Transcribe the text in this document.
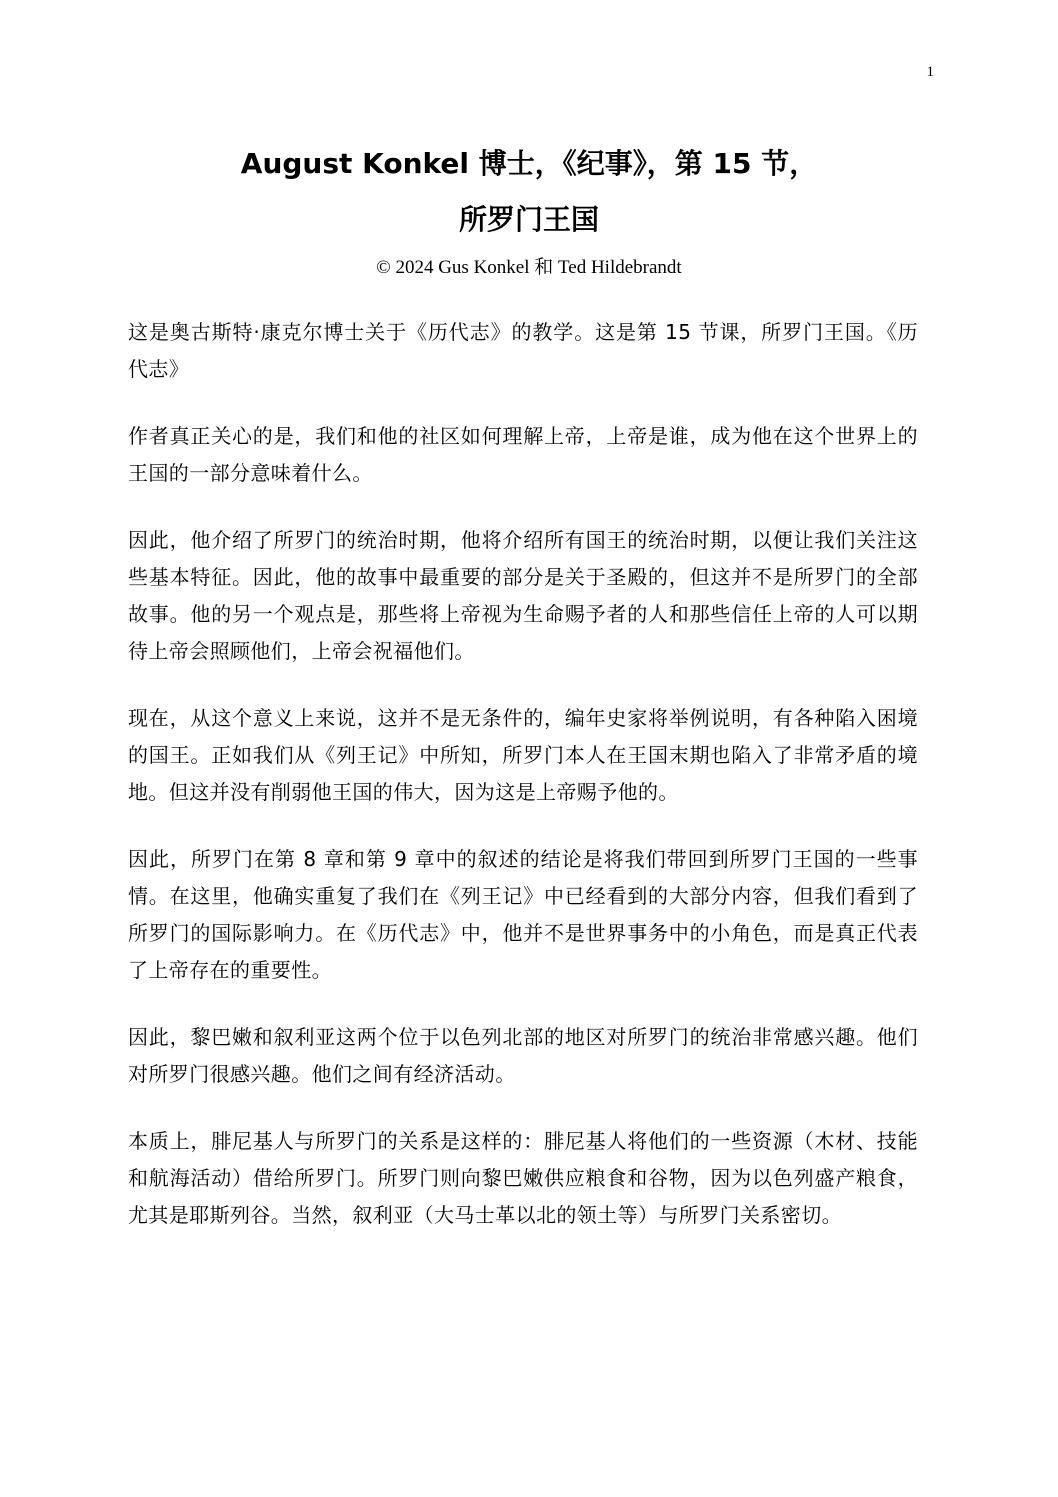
1
August Konkel 博士，《纪事》，第 15 节，
所罗门王国
© 2024 Gus Konkel 和 Ted Hildebrandt

这是奥古斯特·康克尔博士关于《历代志》的教学。这是第 15 节课，所罗门王国。《历代志》

作者真正关心的是，我们和他的社区如何理解上帝，上帝是谁，成为他在这个世界上的王国的一部分意味着什么。

因此，他介绍了所罗门的统治时期，他将介绍所有国王的统治时期，以便让我们关注这些基本特征。因此，他的故事中最重要的部分是关于圣殿的，但这并不是所罗门的全部故事。他的另一个观点是，那些将上帝视为生命赐予者的人和那些信任上帝的人可以期待上帝会照顾他们，上帝会祝福他们。

现在，从这个意义上来说，这并不是无条件的，编年史家将举例说明，有各种陷入困境的国王。正如我们从《列王记》中所知，所罗门本人在王国末期也陷入了非常矛盾的境地。但这并没有削弱他王国的伟大，因为这是上帝赐予他的。

因此，所罗门在第 8 章和第 9 章中的叙述的结论是将我们带回到所罗门王国的一些事情。在这里，他确实重复了我们在《列王记》中已经看到的大部分内容，但我们看到了所罗门的国际影响力。在《历代志》中，他并不是世界事务中的小角色，而是真正代表了上帝存在的重要性。

因此，黎巴嫩和叙利亚这两个位于以色列北部的地区对所罗门的统治非常感兴趣。他们对所罗门很感兴趣。他们之间有经济活动。

本质上，腓尼基人与所罗门的关系是这样的：腓尼基人将他们的一些资源（木材、技能和航海活动）借给所罗门。所罗门则向黎巴嫩供应粮食和谷物，因为以色列盛产粮食，尤其是耶斯列谷。当然，叙利亚（大马士革以北的领土等）与所罗门关系密切。
